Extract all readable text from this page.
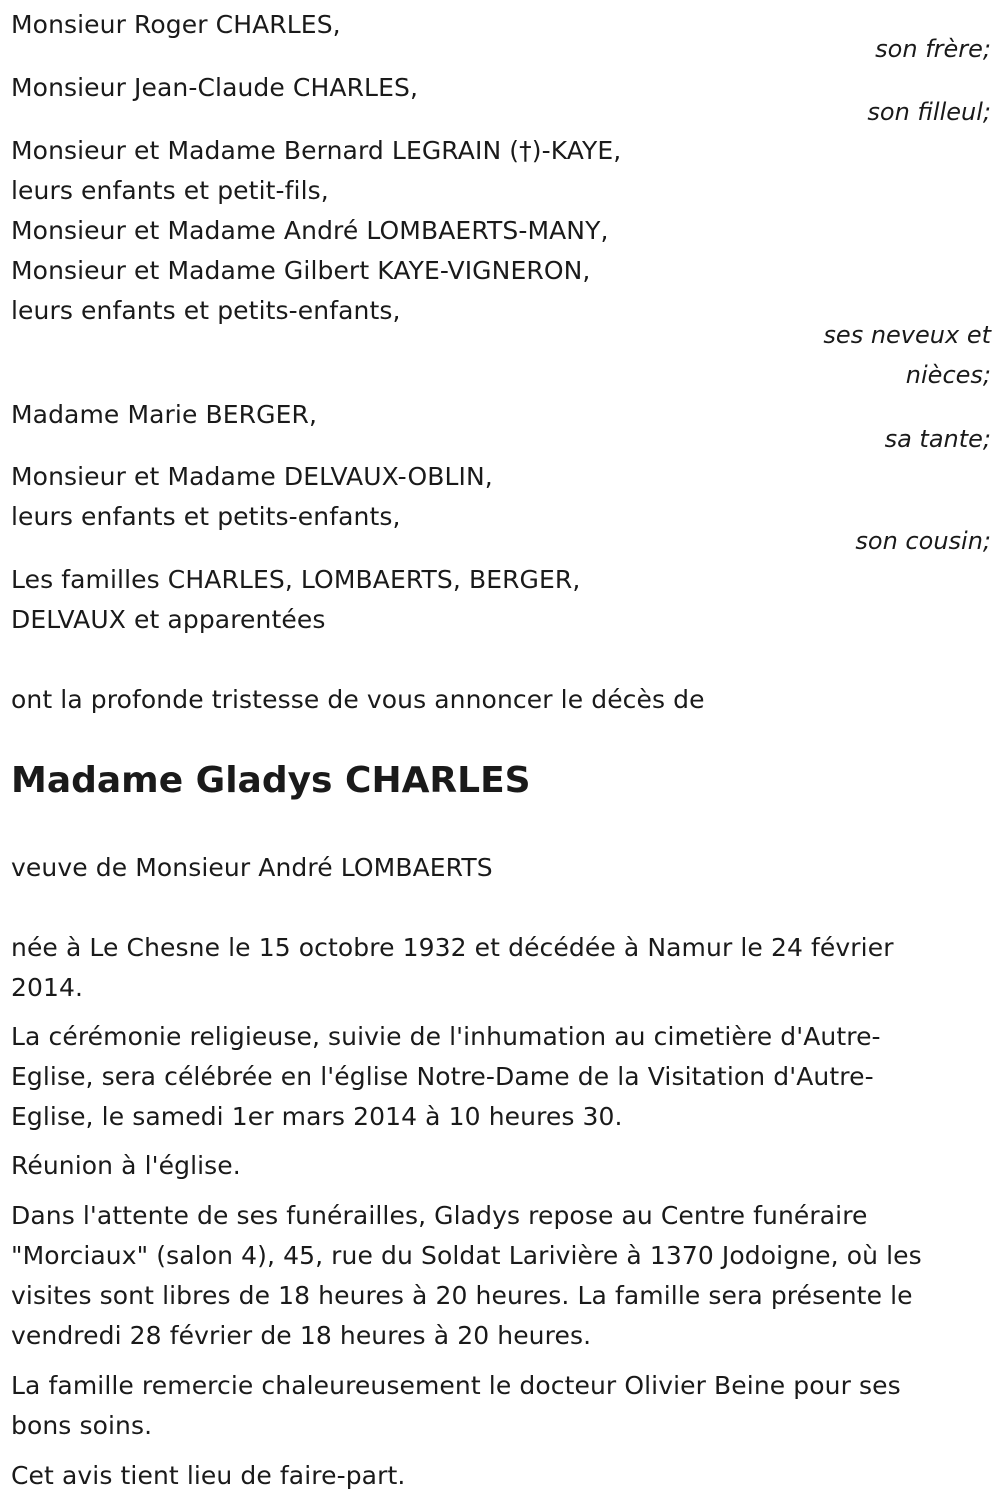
Monsieur Roger CHARLES,
son frère;
Monsieur Jean-Claude CHARLES,
son filleul;
Monsieur et Madame Bernard LEGRAIN (†)-KAYE,
leurs enfants et petit-fils,
Monsieur et Madame André LOMBAERTS-MANY,
Monsieur et Madame Gilbert KAYE-VIGNERON,
leurs enfants et petits-enfants,
ses neveux et
nièces;
Madame Marie BERGER,
sa tante;
Monsieur et Madame DELVAUX-OBLIN,
leurs enfants et petits-enfants,
son cousin;
Les familles CHARLES, LOMBAERTS, BERGER,
DELVAUX et apparentées
ont la profonde tristesse de vous annoncer le décès de
Madame Gladys CHARLES
veuve de Monsieur André LOMBAERTS
née à Le Chesne le 15 octobre 1932 et décédée à Namur le 24 février
2014.
La cérémonie religieuse, suivie de l'inhumation au cimetière d'Autre-
Eglise, sera célébrée en l'église Notre-Dame de la Visitation d'Autre-
Eglise, le samedi 1er mars 2014 à 10 heures 30.
Réunion à l'église.
Dans l'attente de ses funérailles, Gladys repose au Centre funéraire
"Morciaux" (salon 4), 45, rue du Soldat Larivière à 1370 Jodoigne, où les
visites sont libres de 18 heures à 20 heures. La famille sera présente le
vendredi 28 février de 18 heures à 20 heures.
La famille remercie chaleureusement le docteur Olivier Beine pour ses
bons soins.
Cet avis tient lieu de faire-part.
